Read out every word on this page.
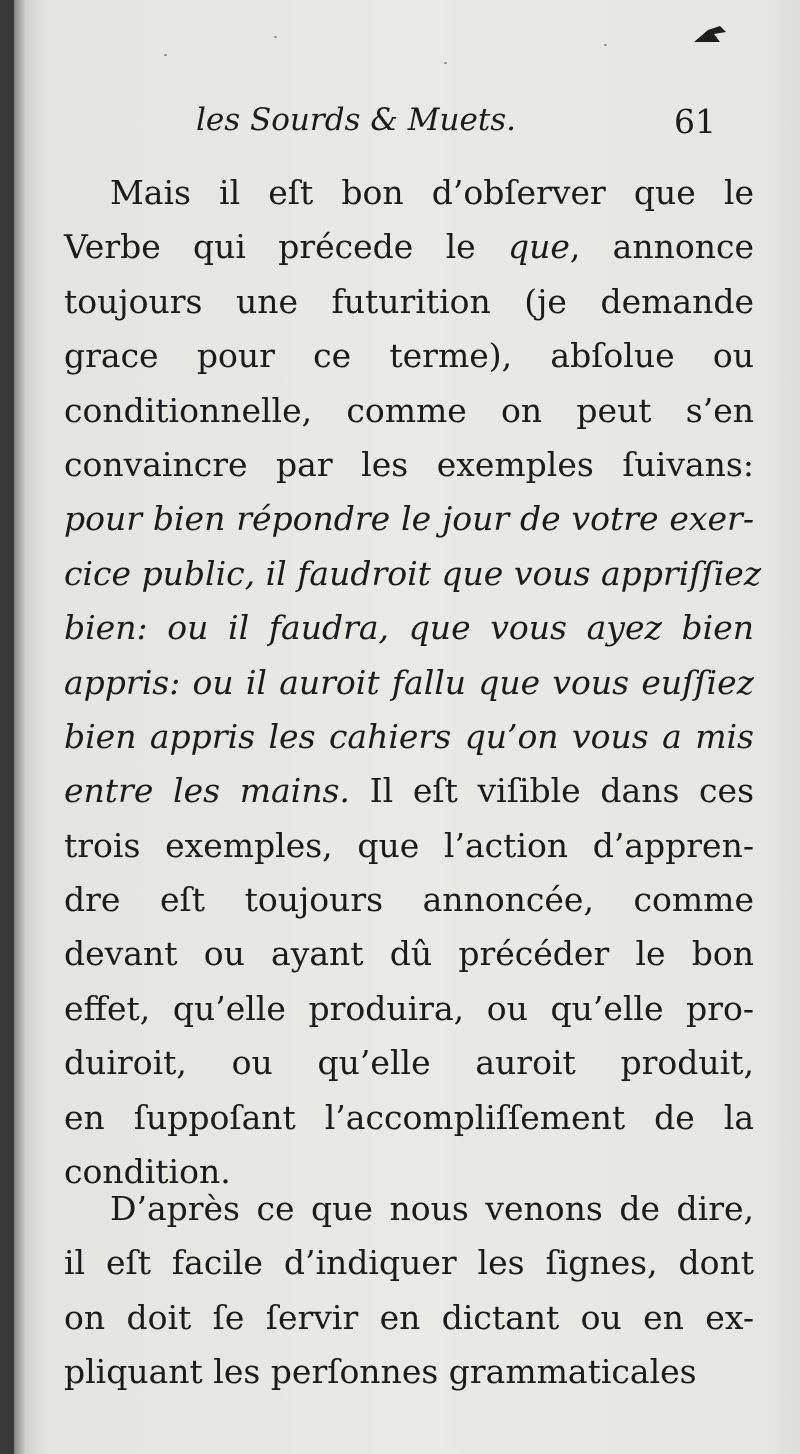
les Sourds & Muets.	61
Mais il eſt bon d’obſerver que le
Verbe qui précede le que, annonce
toujours une futurition (je demande
grace pour ce terme), abſolue ou
conditionnelle, comme on peut s’en
convaincre par les exemples ſuivans:
pour bien répondre le jour de votre exer-
cice public, il faudroit que vous appriſſiez
bien: ou il faudra, que vous ayez bien
appris: ou il auroit fallu que vous euſſiez
bien appris les cahiers qu’on vous a mis
entre les mains. Il eſt viſible dans ces
trois exemples, que l’action d’appren-
dre eſt toujours annoncée, comme
devant ou ayant dû précéder le bon
effet, qu’elle produira, ou qu’elle pro-
duiroit, ou qu’elle auroit produit,
en ſuppoſant l’accompliſſement de la
condition.
D’après ce que nous venons de dire,
il eſt facile d’indiquer les ſignes, dont
on doit ſe ſervir en dictant ou en ex-
pliquant les perſonnes grammaticales
